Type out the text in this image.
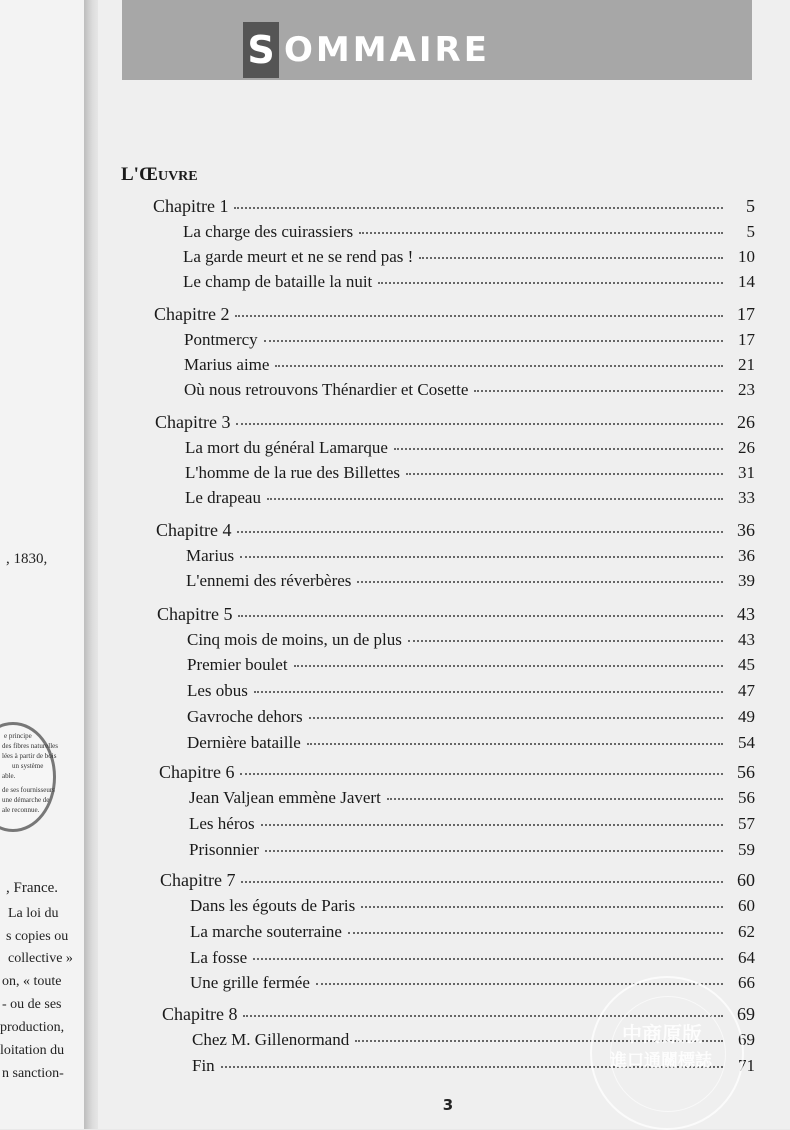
, 1830,
e principe
des fibres naturelles
lées à partir de bois
un système
able.
de ses fournisseurs
une démarche de
ale reconnue.
, France.
La loi du
s copies ou
collective »
on, « toute
- ou de ses
production,
loitation du
n sanction-
S OMMAIRE
L'ŒUVRE
Chapitre 1	5
La charge des cuirassiers	5
La garde meurt et ne se rend pas !	10
Le champ de bataille la nuit	14
Chapitre 2	17
Pontmercy	17
Marius aime	21
Où nous retrouvons Thénardier et Cosette	23
Chapitre 3	26
La mort du général Lamarque	26
L'homme de la rue des Billettes	31
Le drapeau	33
Chapitre 4	36
Marius	36
L'ennemi des réverbères	39
Chapitre 5	43
Cinq mois de moins, un de plus	43
Premier boulet	45
Les obus	47
Gavroche dehors	49
Dernière bataille	54
Chapitre 6	56
Jean Valjean emmène Javert	56
Les héros	57
Prisonnier	59
Chapitre 7	60
Dans les égouts de Paris	60
La marche souterraine	62
La fosse	64
Une grille fermée	66
Chapitre 8	69
Chez M. Gillenormand	69
Fin	71
3
中商原版
進口通關標誌
